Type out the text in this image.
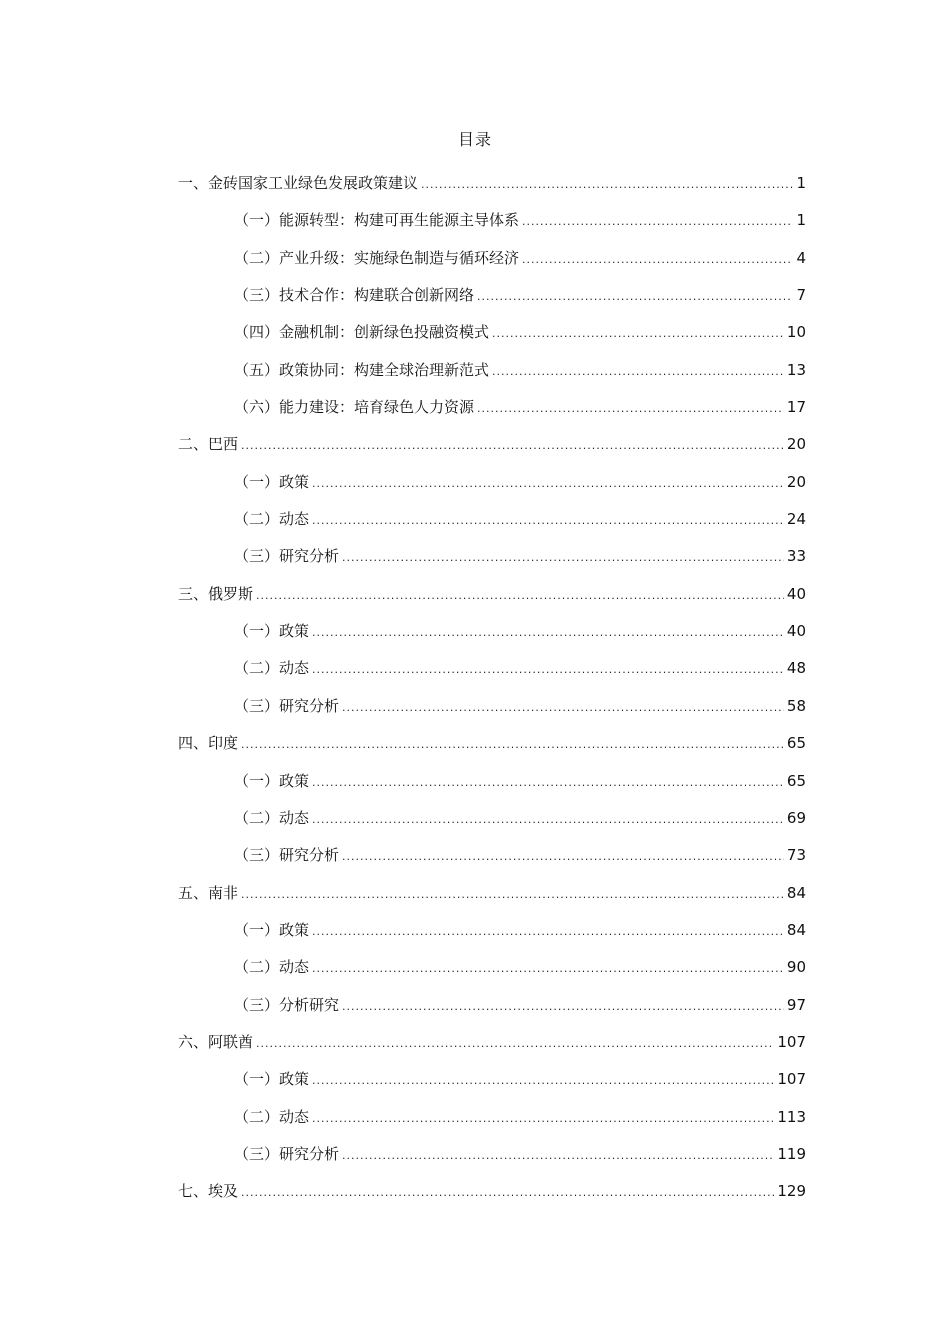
目录
一、金砖国家工业绿色发展政策建议 .....	1
（一）能源转型：构建可再生能源主导体系 .....	1
（二）产业升级：实施绿色制造与循环经济 .....	4
（三）技术合作：构建联合创新网络 .....	7
（四）金融机制：创新绿色投融资模式 .....	10
（五）政策协同：构建全球治理新范式 .....	13
（六）能力建设：培育绿色人力资源 .....	17
二、巴西 .....	20
（一）政策 .....	20
（二）动态 .....	24
（三）研究分析 .....	33
三、俄罗斯 .....	40
（一）政策 .....	40
（二）动态 .....	48
（三）研究分析 .....	58
四、印度 .....	65
（一）政策 .....	65
（二）动态 .....	69
（三）研究分析 .....	73
五、南非 .....	84
（一）政策 .....	84
（二）动态 .....	90
（三）分析研究 .....	97
六、阿联酋 .....	107
（一）政策 .....	107
（二）动态 .....	113
（三）研究分析 .....	119
七、埃及 .....	129
